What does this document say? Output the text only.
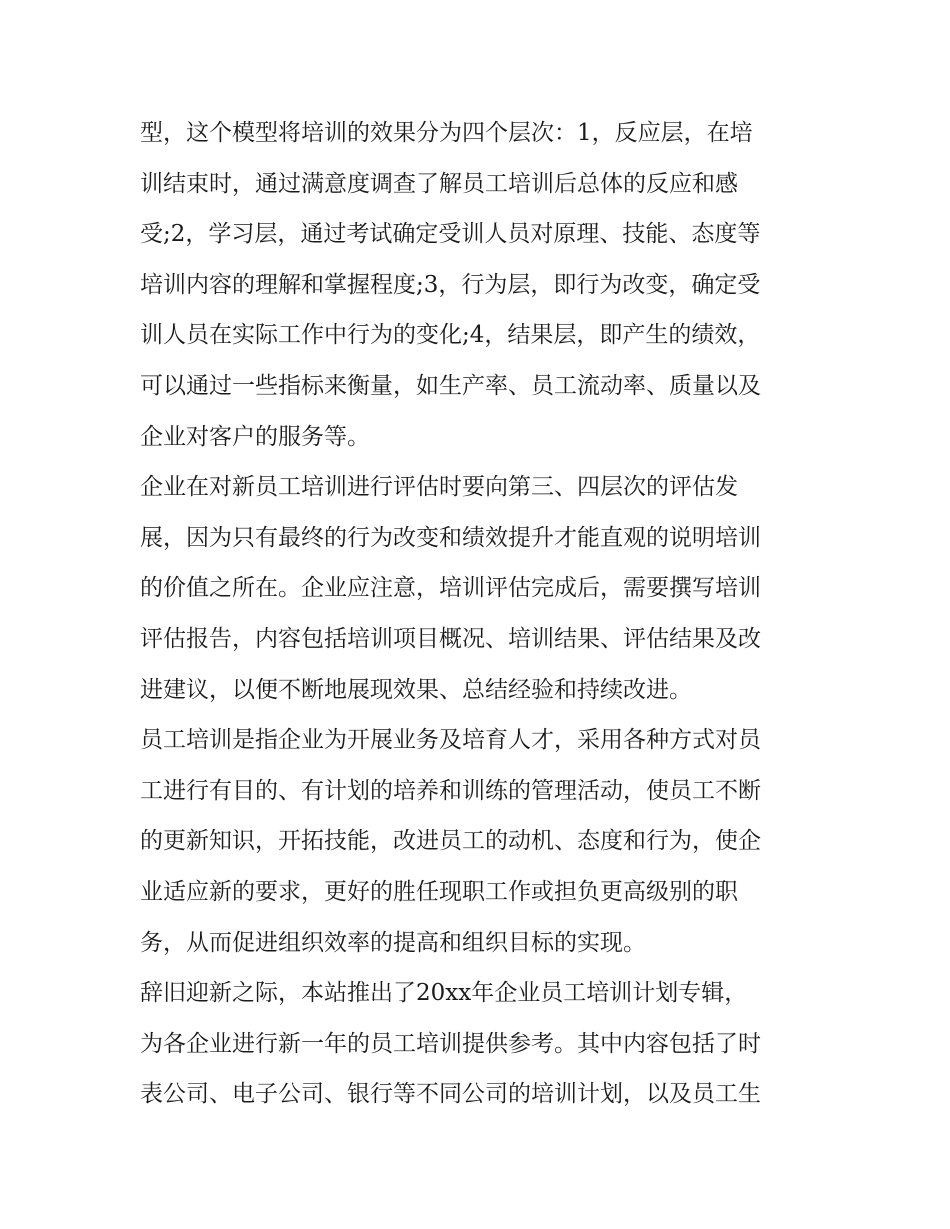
型，这个模型将培训的效果分为四个层次：1，反应层，在培
训结束时，通过满意度调查了解员工培训后总体的反应和感
受;2，学习层，通过考试确定受训人员对原理、技能、态度等
培训内容的理解和掌握程度;3，行为层，即行为改变，确定受
训人员在实际工作中行为的变化;4，结果层，即产生的绩效，
可以通过一些指标来衡量，如生产率、员工流动率、质量以及
企业对客户的服务等。
企业在对新员工培训进行评估时要向第三、四层次的评估发
展，因为只有最终的行为改变和绩效提升才能直观的说明培训
的价值之所在。企业应注意，培训评估完成后，需要撰写培训
评估报告，内容包括培训项目概况、培训结果、评估结果及改
进建议，以便不断地展现效果、总结经验和持续改进。
员工培训是指企业为开展业务及培育人才，采用各种方式对员
工进行有目的、有计划的培养和训练的管理活动，使员工不断
的更新知识，开拓技能，改进员工的动机、态度和行为，使企
业适应新的要求，更好的胜任现职工作或担负更高级别的职
务，从而促进组织效率的提高和组织目标的实现。
辞旧迎新之际，本站推出了20xx年企业员工培训计划专辑，
为各企业进行新一年的员工培训提供参考。其中内容包括了时
表公司、电子公司、银行等不同公司的培训计划，以及员工生
